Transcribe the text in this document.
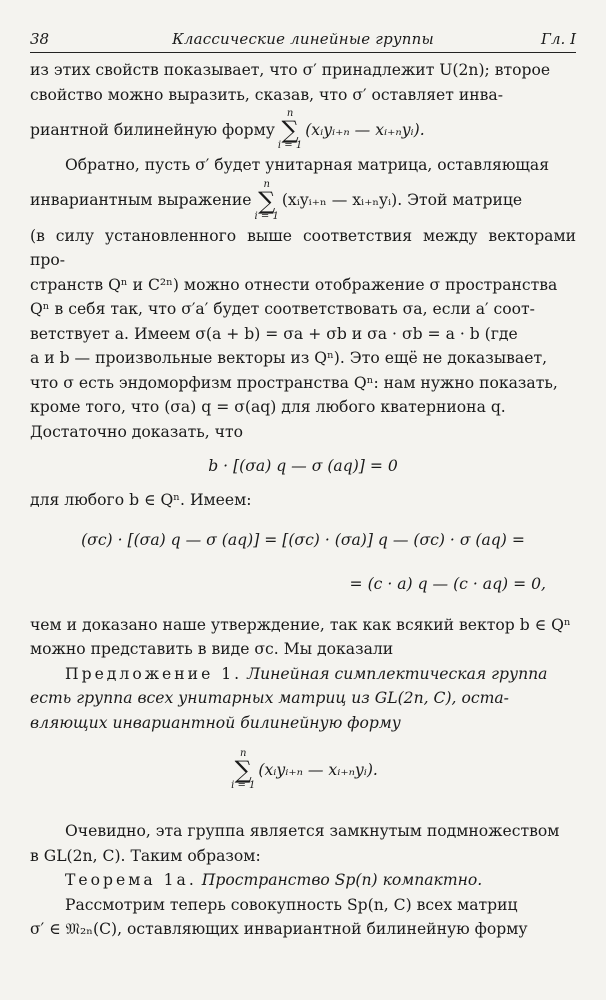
38	Классические линейные группы	Гл. I

из этих свойств показывает, что σ′ принадлежит U(2n); второе

свойство можно выразить, сказав, что σ′ оставляет инва-

риантной билинейную форму
n
∑
i = 1
(xᵢyᵢ₊ₙ — xᵢ₊ₙyᵢ).

Обратно, пусть σ′ будет унитарная матрица, оставляющая

инвариантным выражение
n
∑
i = 1
(xᵢyᵢ₊ₙ — xᵢ₊ₙyᵢ). Этой матрице

(в силу установленного выше соответствия между векторами про-

странств Qⁿ и C²ⁿ) можно отнести отображение σ пространства

Qⁿ в себя так, что σ′a′ будет соответствовать σa, если a′ соот-

ветствует a. Имеем σ(a + b) = σa + σb и σa · σb = a · b (где

a и b — произвольные векторы из Qⁿ). Это ещё не доказывает,

что σ есть эндоморфизм пространства Qⁿ: нам нужно показать,

кроме того, что (σa) q = σ(aq) для любого кватерниона q.

Достаточно доказать, что

b · [(σa) q — σ (aq)] = 0

для любого b ∈ Qⁿ. Имеем:

(σc) · [(σa) q — σ (aq)] = [(σc) · (σa)] q — (σc) · σ (aq) =
= (c · a) q — (c · aq) = 0,

чем и доказано наше утверждение, так как всякий вектор b ∈ Qⁿ

можно представить в виде σc. Мы доказали

Предложение 1. Линейная симплектическая группа

есть группа всех унитарных матриц из GL(2n, C), оста-

вляющих инвариантной билинейную форму

n
∑
i = 1
(xᵢyᵢ₊ₙ — xᵢ₊ₙyᵢ).

Очевидно, эта группа является замкнутым подмножеством

в GL(2n, C). Таким образом:

Теорема 1а. Пространство Sp(n) компактно.

Рассмотрим теперь совокупность Sp(n, C) всех матриц

σ′ ∈ 𝔐₂ₙ(C), оставляющих инвариантной билинейную форму
